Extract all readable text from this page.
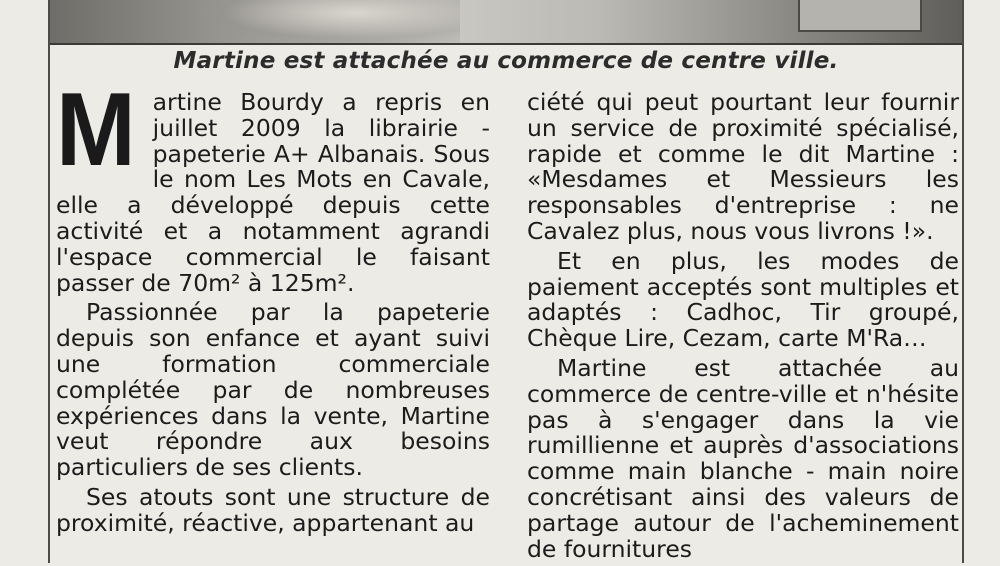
Martine est attachée au commerce de centre ville.

Martine Bourdy a repris en juillet 2009 la librairie - papeterie A+ Albanais. Sous le nom Les Mots en Cavale, elle a développé depuis cette activité et a notamment agrandi l'espace commercial le faisant passer de 70m² à 125m².

Passionnée par la papeterie depuis son enfance et ayant suivi une formation commerciale complétée par de nombreuses expériences dans la vente, Martine veut répondre aux besoins particuliers de ses clients.

Ses atouts sont une structure de proximité, réactive, appartenant au

ciété qui peut pourtant leur fournir un service de proximité spécialisé, rapide et comme le dit Martine : «Mesdames et Messieurs les responsables d'entreprise : ne Cavalez plus, nous vous livrons !».

Et en plus, les modes de paiement acceptés sont multiples et adaptés : Cadhoc, Tir groupé, Chèque Lire, Cezam, carte M'Ra…

Martine est attachée au commerce de centre-ville et n'hésite pas à s'engager dans la vie rumillienne et auprès d'associations comme main blanche - main noire concrétisant ainsi des valeurs de partage autour de l'acheminement de fournitures
